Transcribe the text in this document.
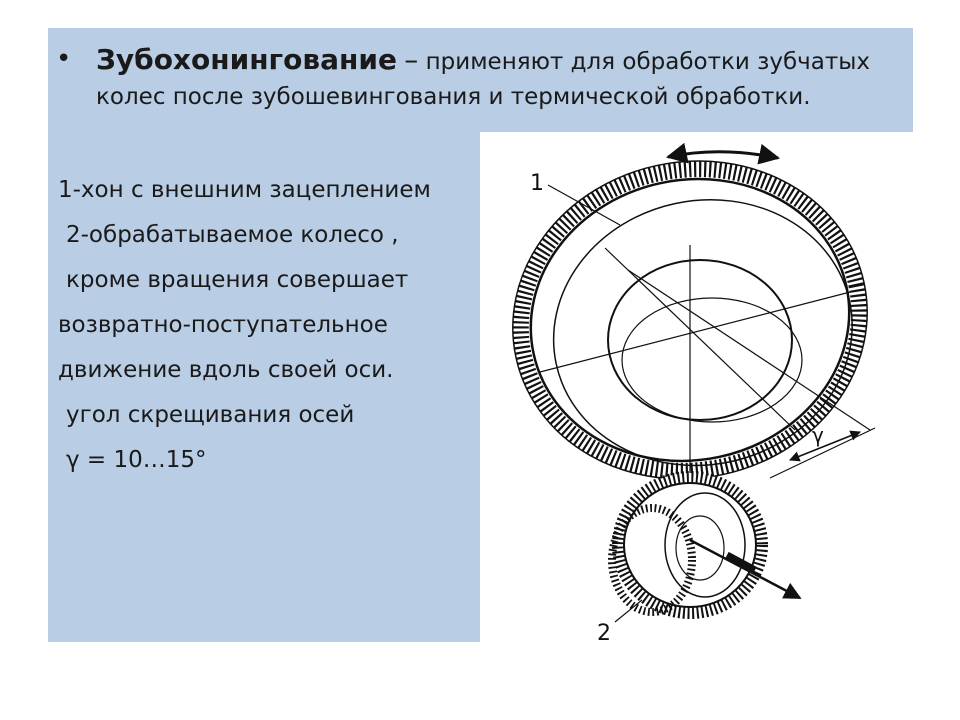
• Зубохонингование – применяют для обработки зубчатых колес после зубошевингования и термической обработки.
1-хон с внешним зацеплением
2-обрабатываемое колесо ,
кроме вращения совершает
возвратно-поступательное
движение вдоль своей оси.
угол скрещивания осей
γ = 10…15°
1
2
γ
